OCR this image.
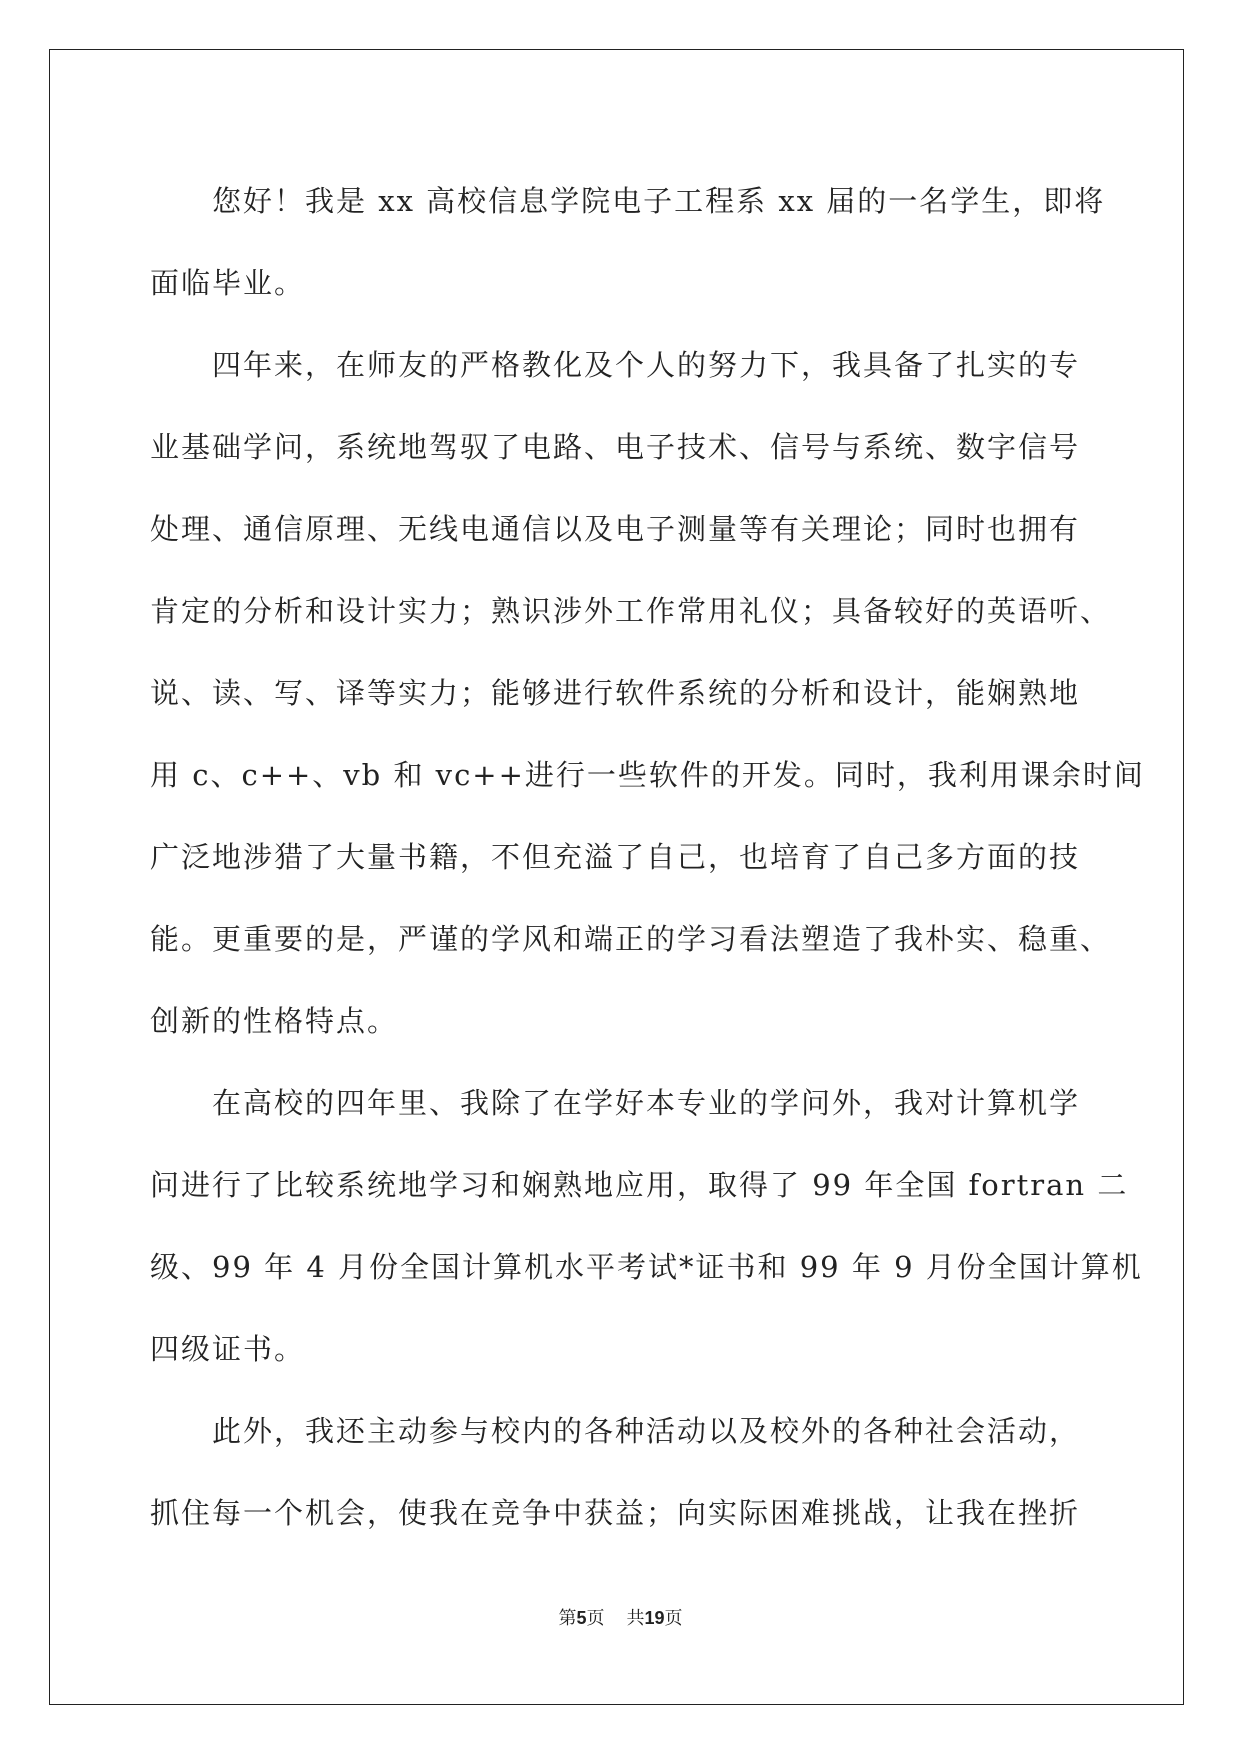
您好！我是 xx 高校信息学院电子工程系 xx 届的一名学生，即将
面临毕业。
四年来，在师友的严格教化及个人的努力下，我具备了扎实的专
业基础学问，系统地驾驭了电路、电子技术、信号与系统、数字信号
处理、通信原理、无线电通信以及电子测量等有关理论；同时也拥有
肯定的分析和设计实力；熟识涉外工作常用礼仪；具备较好的英语听、
说、读、写、译等实力；能够进行软件系统的分析和设计，能娴熟地
用 c、c++、vb 和 vc++进行一些软件的开发。同时，我利用课余时间
广泛地涉猎了大量书籍，不但充溢了自己，也培育了自己多方面的技
能。更重要的是，严谨的学风和端正的学习看法塑造了我朴实、稳重、
创新的性格特点。
在高校的四年里、我除了在学好本专业的学问外，我对计算机学
问进行了比较系统地学习和娴熟地应用，取得了 99 年全国 fortran 二
级、99 年 4 月份全国计算机水平考试*证书和 99 年 9 月份全国计算机
四级证书。
此外，我还主动参与校内的各种活动以及校外的各种社会活动，
抓住每一个机会，使我在竞争中获益；向实际困难挑战，让我在挫折
第5页 共19页
